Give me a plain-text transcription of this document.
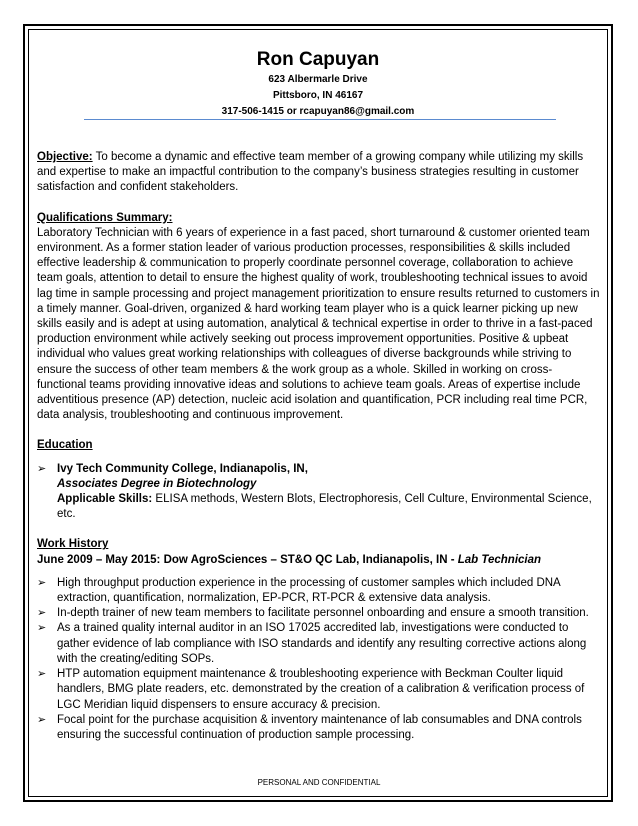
Ron Capuyan
623 Albermarle Drive
Pittsboro, IN 46167
317-506-1415 or rcapuyan86@gmail.com

Objective: To become a dynamic and effective team member of a growing company while utilizing my skills and expertise to make an impactful contribution to the company’s business strategies resulting in customer satisfaction and confident stakeholders.

Qualifications Summary:

Laboratory Technician with 6 years of experience in a fast paced, short turnaround & customer oriented team environment. As a former station leader of various production processes, responsibilities & skills included effective leadership & communication to properly coordinate personnel coverage, collaboration to achieve team goals, attention to detail to ensure the highest quality of work, troubleshooting technical issues to avoid lag time in sample processing and project management prioritization to ensure results returned to customers in a timely manner. Goal-driven, organized & hard working team player who is a quick learner picking up new skills easily and is adept at using automation, analytical & technical expertise in order to thrive in a fast-paced production environment while actively seeking out process improvement opportunities. Positive & upbeat individual who values great working relationships with colleagues of diverse backgrounds while striving to ensure the success of other team members & the work group as a whole. Skilled in working on cross-functional teams providing innovative ideas and solutions to achieve team goals. Areas of expertise include adventitious presence (AP) detection, nucleic acid isolation and quantification, PCR including real time PCR, data analysis, troubleshooting and continuous improvement.

Education

➢ Ivy Tech Community College, Indianapolis, IN,

Associates Degree in Biotechnology

Applicable Skills: ELISA methods, Western Blots, Electrophoresis, Cell Culture, Environmental Science, etc.

Work History

June 2009 – May 2015: Dow AgroSciences – ST&O QC Lab, Indianapolis, IN - Lab Technician

➢ High throughput production experience in the processing of customer samples which included DNA extraction, quantification, normalization, EP-PCR, RT-PCR & extensive data analysis.

➢ In-depth trainer of new team members to facilitate personnel onboarding and ensure a smooth transition.

➢ As a trained quality internal auditor in an ISO 17025 accredited lab, investigations were conducted to gather evidence of lab compliance with ISO standards and identify any resulting corrective actions along with the creating/editing SOPs.

➢ HTP automation equipment maintenance & troubleshooting experience with Beckman Coulter liquid handlers, BMG plate readers, etc. demonstrated by the creation of a calibration & verification process of LGC Meridian liquid dispensers to ensure accuracy & precision.

➢ Focal point for the purchase acquisition & inventory maintenance of lab consumables and DNA controls ensuring the successful continuation of production sample processing.

PERSONAL AND CONFIDENTIAL
